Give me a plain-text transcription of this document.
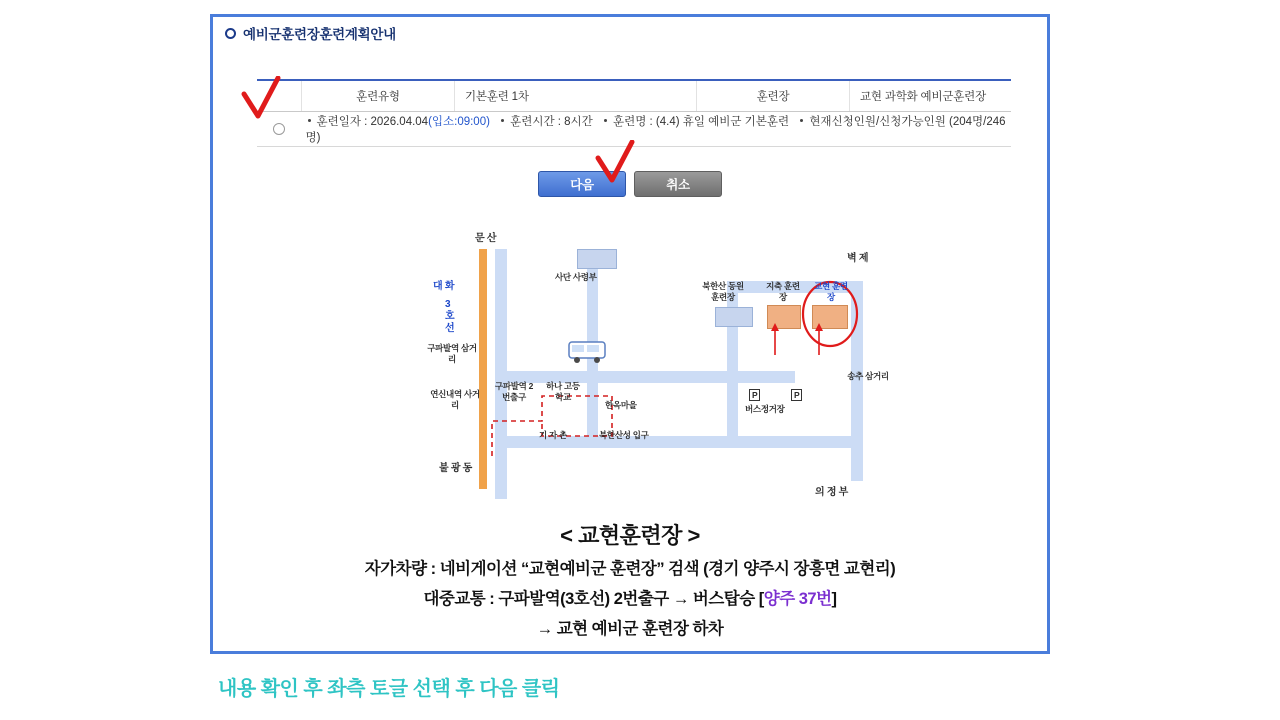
예비군훈련장훈련계획안내
	훈련유형	기본훈련 1차	훈련장	교현 과학화 예비군훈련장
	훈련일자 : 2026.04.04(입소:09:00) 훈련시간 : 8시간 훈련명 : (4.4) 휴일 예비군 기본훈련 현재신청인원/신청가능인원 (204명/246명)			
다음	취소
P	P
문 산
대 화
3 호 선
사단 사령부
북한산 동원훈련장
지축 훈련장
교현 훈련장
벽 제
구파발역 삼거리
연신내역 사거리
구파발역 2번출구
하나 고등학교
한옥마을
기 자 촌	북한산성 입구
불 광 동
송추 삼거리
버스정거장
의 정 부
< 교현훈련장 >
자가차량 : 네비게이션 “교현예비군 훈련장” 검색 (경기 양주시 장흥면 교현리)
대중교통 : 구파발역(3호선) 2번출구 → 버스탑승 [양주 37번]
→ 교현 예비군 훈련장 하차
내용 확인 후 좌측 토글 선택 후 다음 클릭
